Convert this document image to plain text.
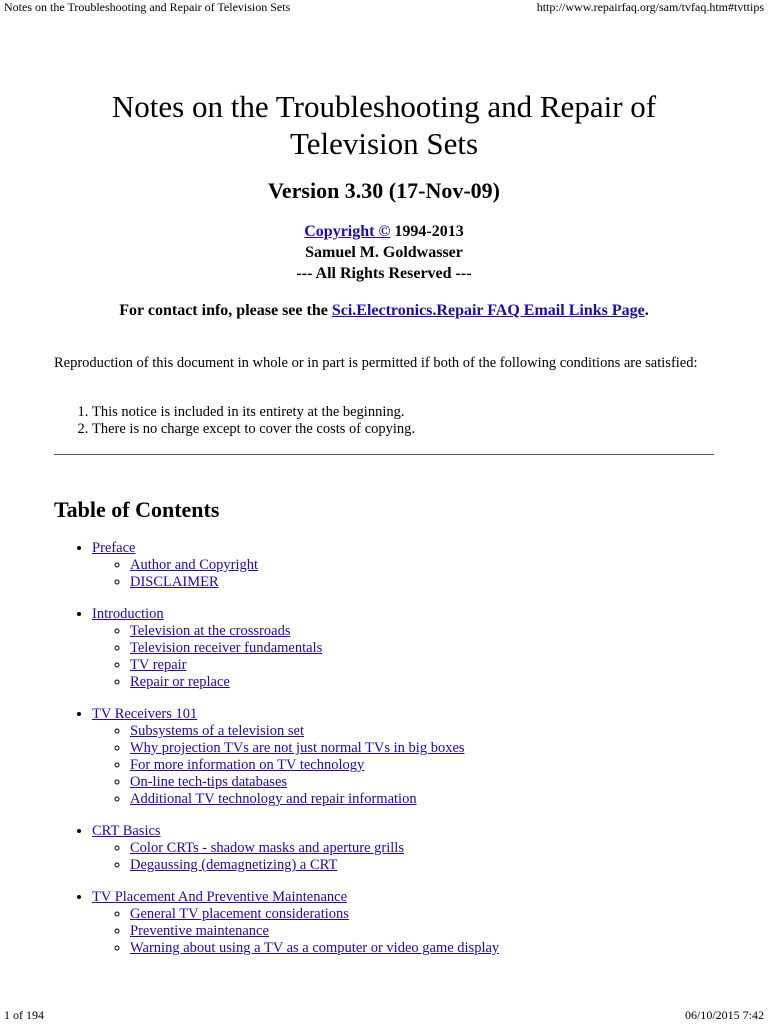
Notes on the Troubleshooting and Repair of Television Sets	http://www.repairfaq.org/sam/tvfaq.htm#tvttips
Notes on the Troubleshooting and Repair of Television Sets
Version 3.30 (17-Nov-09)
Copyright © 1994-2013
Samuel M. Goldwasser
--- All Rights Reserved ---
For contact info, please see the Sci.Electronics.Repair FAQ Email Links Page.
Reproduction of this document in whole or in part is permitted if both of the following conditions are satisfied:
1. This notice is included in its entirety at the beginning.
2. There is no charge except to cover the costs of copying.
Table of Contents
• Preface
◦ Author and Copyright
◦ DISCLAIMER
• Introduction
◦ Television at the crossroads
◦ Television receiver fundamentals
◦ TV repair
◦ Repair or replace
• TV Receivers 101
◦ Subsystems of a television set
◦ Why projection TVs are not just normal TVs in big boxes
◦ For more information on TV technology
◦ On-line tech-tips databases
◦ Additional TV technology and repair information
• CRT Basics
◦ Color CRTs - shadow masks and aperture grills
◦ Degaussing (demagnetizing) a CRT
• TV Placement And Preventive Maintenance
◦ General TV placement considerations
◦ Preventive maintenance
◦ Warning about using a TV as a computer or video game display
1 of 194	06/10/2015 7:42
